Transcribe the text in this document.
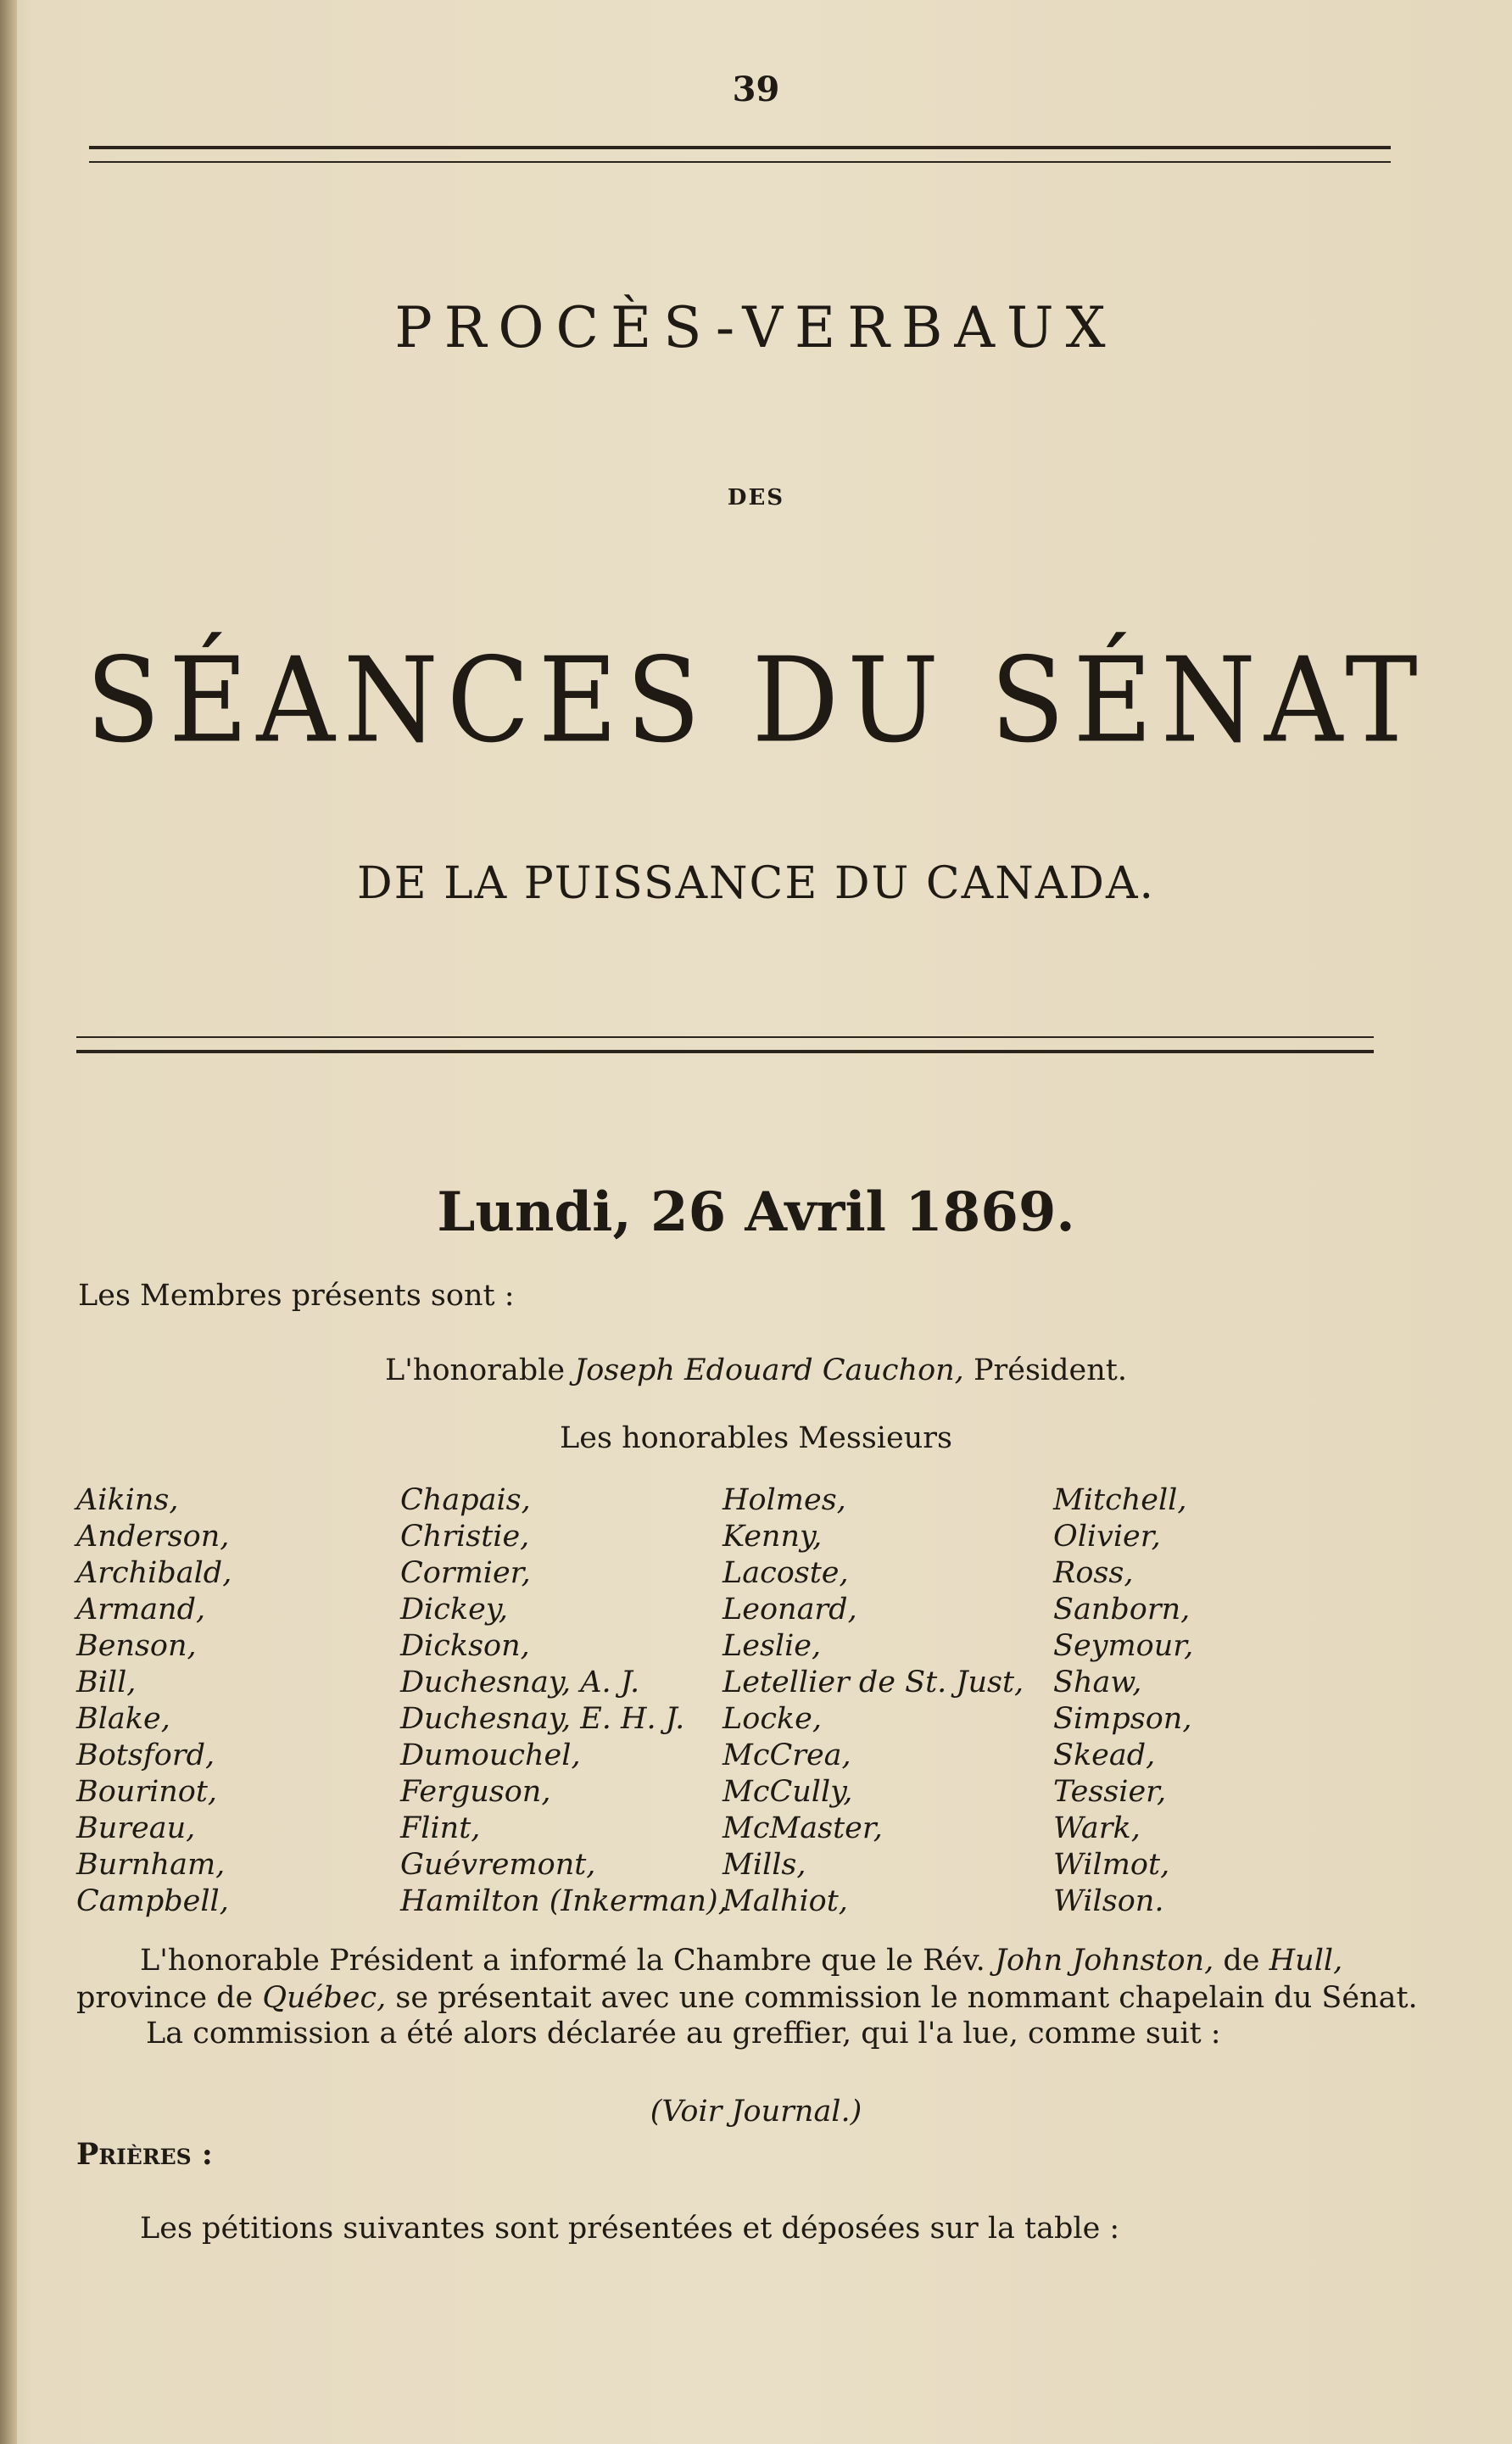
39
PROCÈS-VERBAUX
DES
SÉANCES DU SÉNAT
DE LA PUISSANCE DU CANADA.
Lundi, 26 Avril 1869.
Les Membres présents sont :
L'honorable Joseph Edouard Cauchon, Président.
Les honorables Messieurs
Aikins,
Anderson,
Archibald,
Armand,
Benson,
Bill,
Blake,
Botsford,
Bourinot,
Bureau,
Burnham,
Campbell,
Chapais,
Christie,
Cormier,
Dickey,
Dickson,
Duchesnay, A. J.
Duchesnay, E. H. J.
Dumouchel,
Ferguson,
Flint,
Guévremont,
Hamilton (Inkerman),
Holmes,
Kenny,
Lacoste,
Leonard,
Leslie,
Letellier de St. Just,
Locke,
McCrea,
McCully,
McMaster,
Mills,
Malhiot,
Mitchell,
Olivier,
Ross,
Sanborn,
Seymour,
Shaw,
Simpson,
Skead,
Tessier,
Wark,
Wilmot,
Wilson.
L'honorable Président a informé la Chambre que le Rév. John Johnston, de Hull,
province de Québec, se présentait avec une commission le nommant chapelain du Sénat.
La commission a été alors déclarée au greffier, qui l'a lue, comme suit :
(Voir Journal.)
Prières :
Les pétitions suivantes sont présentées et déposées sur la table :
